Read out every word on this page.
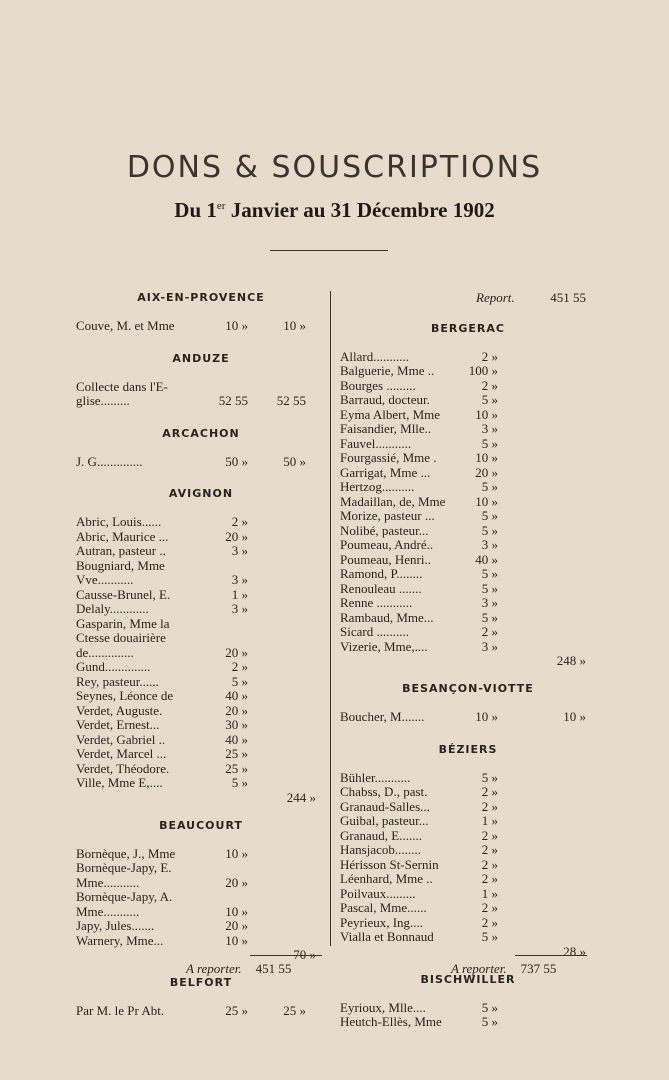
DONS & SOUSCRIPTIONS
Du 1er Janvier au 31 Décembre 1902
AIX-EN-PROVENCE
Couve, M. et Mme	10 »	10 »
ANDUZE
Collecte dans l'E-
glise.........	52 55	52 55
ARCACHON
J. G..............	50 »	50 »
AVIGNON
Abric, Louis......	2 »
Abric, Maurice ...	20 »
Autran, pasteur ..	3 »
Bougniard, Mme
Vve...........	3 »
Causse-Brunel, E.	1 »
Delaly............	3 »
Gasparin, Mme la
Ctesse douairière
de..............	20 »
Gund..............	2 »
Rey, pasteur......	5 »
Seynes, Léonce de	40 »
Verdet, Auguste.	20 »
Verdet, Ernest...	30 »
Verdet, Gabriel ..	40 »
Verdet, Marcel ...	25 »
Verdet, Théodore.	25 »
Ville, Mme E,....	5 »
244 »
BEAUCOURT
Bornèque, J., Mme	10 »
Bornèque-Japy, E.
Mme...........	20 »
Bornèque-Japy, A.
Mme...........	10 »
Japy, Jules.......	20 »
Warnery, Mme...	10 »
70 »
BELFORT
Par M. le Pr Abt.	25 »	25 »
Report.	451 55
BERGERAC
Allard...........	2 »
Balguerie, Mme ..	100 »
Bourges .........	2 »
Barraud, docteur.	5 »
Eyma Albert, Mme	10 »
Faisandier, Mlle..	3 »
Fauvel...........	5 »
Fourgassié, Mme .	10 »
Garrigat, Mme ...	20 »
Hertzog..........	5 »
Madaillan, de, Mme	10 »
Morize, pasteur ...	5 »
Nolibé, pasteur...	5 »
Poumeau, André..	3 »
Poumeau, Henri..	40 »
Ramond, P........	5 »
Renouleau .......	5 »
Renne ...........	3 »
Rambaud, Mme...	5 »
Sicard ..........	2 »
Vizerie, Mme,....	3 »
248 »
BESANÇON-VIOTTE
Boucher, M.......	10 »	10 »
BÉZIERS
Bühler...........	5 »
Chabss, D., past.	2 »
Granaud-Salles...	2 »
Guibal, pasteur...	1 »
Granaud, E.......	2 »
Hansjacob........	2 »
Hérisson St-Sernin	2 »
Léenhard, Mme ..	2 »
Poilvaux.........	1 »
Pascal, Mme......	2 »
Peyrieux, Ing....	2 »
Vialla et Bonnaud	5 »
28 »
BISCHWILLER
Eyrioux, Mlle....	5 »
Heutch-Ellès, Mme	5 »
A reporter. 451 55	A reporter. 737 55
